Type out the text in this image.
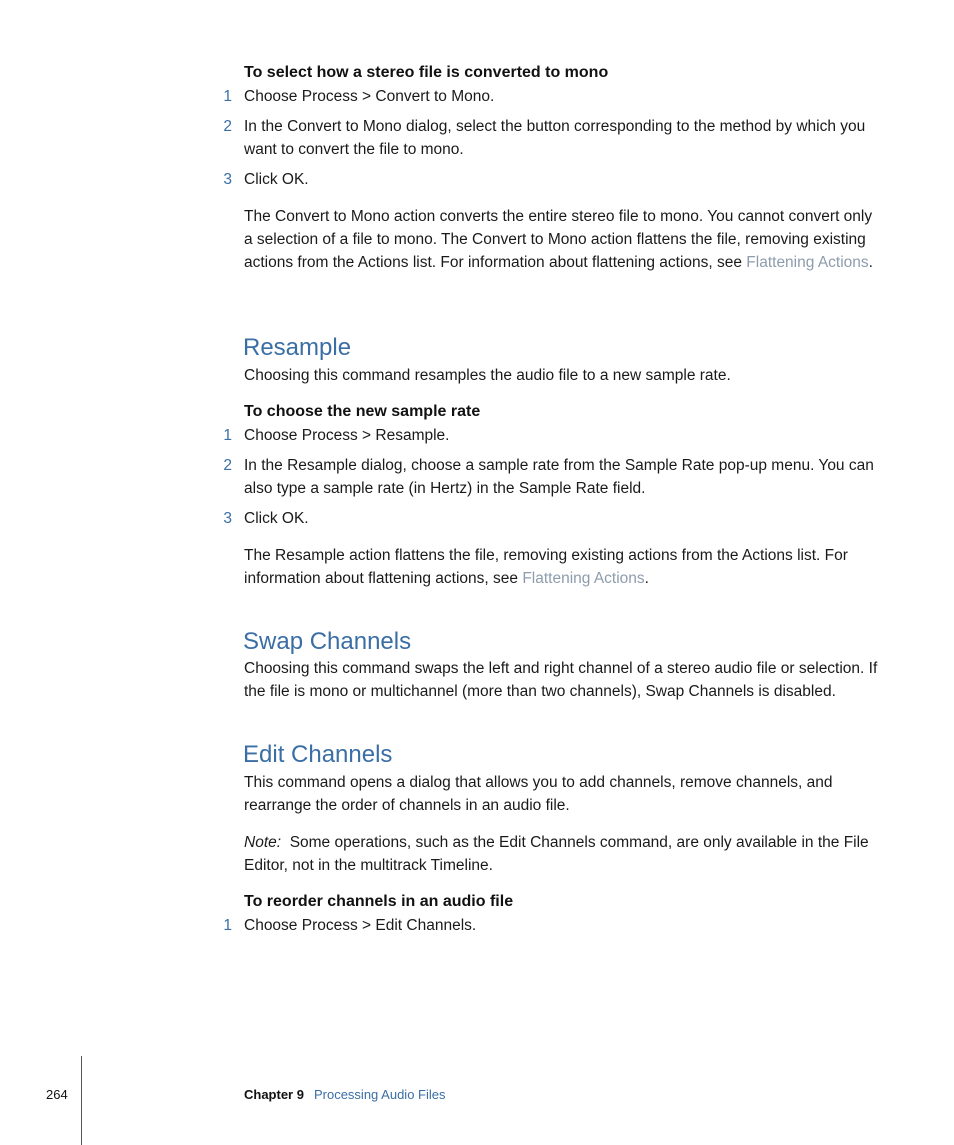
To select how a stereo file is converted to mono
1 Choose Process > Convert to Mono.
2 In the Convert to Mono dialog, select the button corresponding to the method by which you want to convert the file to mono.
3 Click OK.
The Convert to Mono action converts the entire stereo file to mono. You cannot convert only a selection of a file to mono. The Convert to Mono action flattens the file, removing existing actions from the Actions list. For information about flattening actions, see Flattening Actions.
Resample
Choosing this command resamples the audio file to a new sample rate.
To choose the new sample rate
1 Choose Process > Resample.
2 In the Resample dialog, choose a sample rate from the Sample Rate pop-up menu. You can also type a sample rate (in Hertz) in the Sample Rate field.
3 Click OK.
The Resample action flattens the file, removing existing actions from the Actions list. For information about flattening actions, see Flattening Actions.
Swap Channels
Choosing this command swaps the left and right channel of a stereo audio file or selection. If the file is mono or multichannel (more than two channels), Swap Channels is disabled.
Edit Channels
This command opens a dialog that allows you to add channels, remove channels, and rearrange the order of channels in an audio file.
Note: Some operations, such as the Edit Channels command, are only available in the File Editor, not in the multitrack Timeline.
To reorder channels in an audio file
1 Choose Process > Edit Channels.
264	Chapter 9 Processing Audio Files
